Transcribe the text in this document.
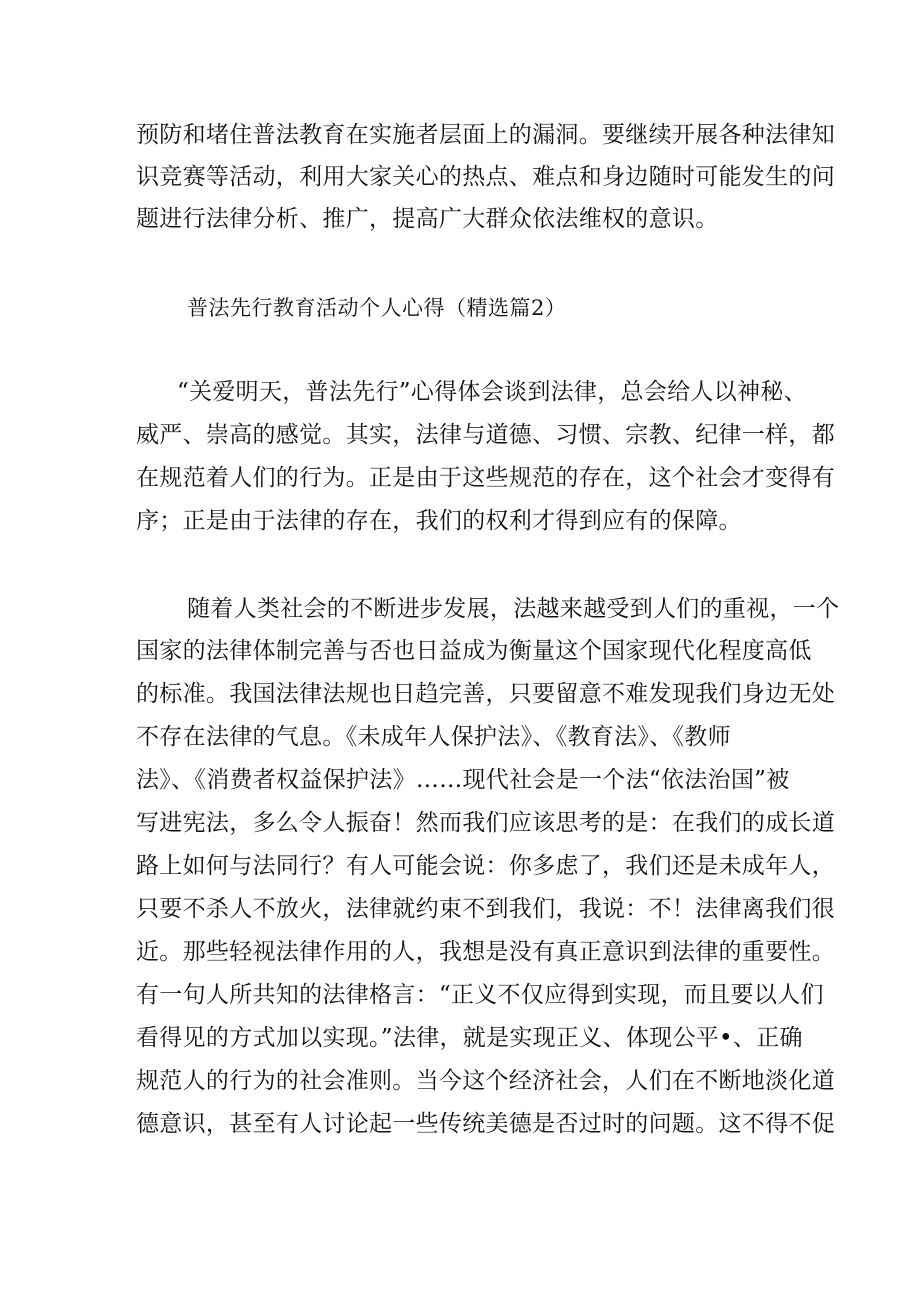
预防和堵住普法教育在实施者层面上的漏洞。要继续开展各种法律知
识竞赛等活动，利用大家关心的热点、难点和身边随时可能发生的问
题进行法律分析、推广，提高广大群众依法维权的意识。
普法先行教育活动个人心得（精选篇2）
“关爱明天，普法先行”心得体会谈到法律，总会给人以神秘、
威严、崇高的感觉。其实，法律与道德、习惯、宗教、纪律一样，都
在规范着人们的行为。正是由于这些规范的存在，这个社会才变得有
序；正是由于法律的存在，我们的权利才得到应有的保障。
随着人类社会的不断进步发展，法越来越受到人们的重视，一个
国家的法律体制完善与否也日益成为衡量这个国家现代化程度高低
的标准。我国法律法规也日趋完善，只要留意不难发现我们身边无处
不存在法律的气息。《未成年人保护法》、《教育法》、《教师
法》、《消费者权益保护法》……现代社会是一个法“依法治国”被
写进宪法，多么令人振奋！然而我们应该思考的是：在我们的成长道
路上如何与法同行？有人可能会说：你多虑了，我们还是未成年人，
只要不杀人不放火，法律就约束不到我们，我说：不！法律离我们很
近。那些轻视法律作用的人，我想是没有真正意识到法律的重要性。
有一句人所共知的法律格言：“正义不仅应得到实现，而且要以人们
看得见的方式加以实现。”法律，就是实现正义、体现公平•、正确
规范人的行为的社会准则。当今这个经济社会，人们在不断地淡化道
德意识，甚至有人讨论起一些传统美德是否过时的问题。这不得不促
